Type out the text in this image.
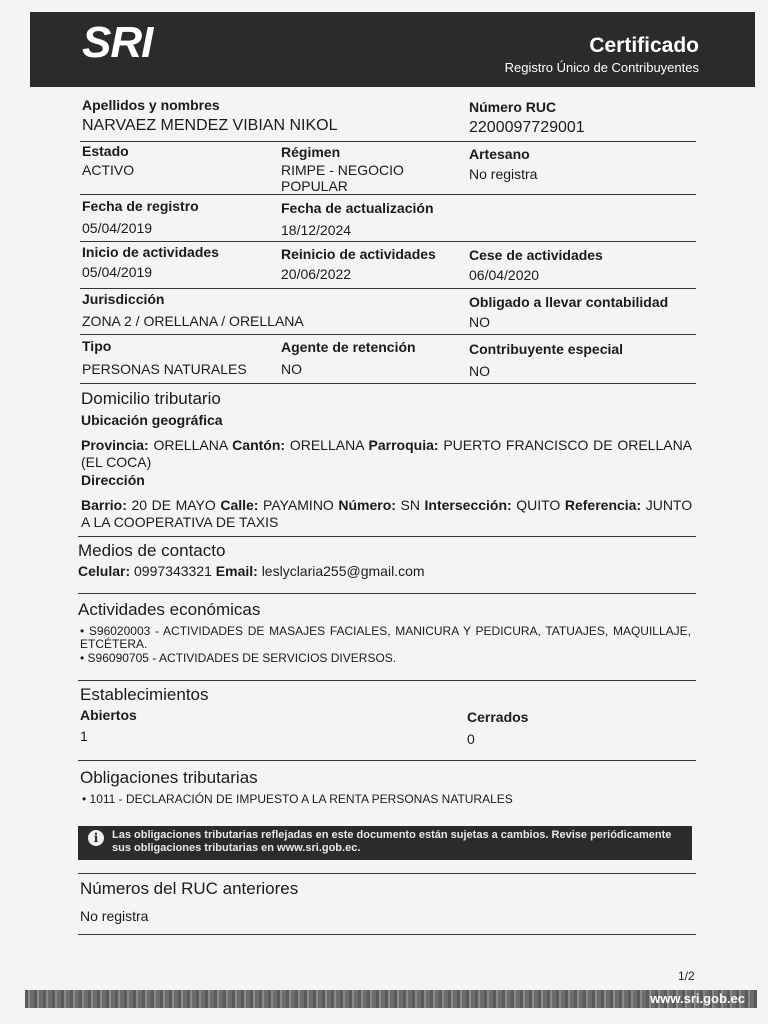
SRI	Certificado
Registro Único de Contribuyentes
Apellidos y nombres
NARVAEZ MENDEZ VIBIAN NIKOL
Número RUC
2200097729001
Estado
ACTIVO
Régimen
RIMPE - NEGOCIO POPULAR
Artesano
No registra
Fecha de registro
05/04/2019
Fecha de actualización
18/12/2024
Inicio de actividades
05/04/2019
Reinicio de actividades
20/06/2022
Cese de actividades
06/04/2020
Jurisdicción
ZONA 2 / ORELLANA / ORELLANA
Obligado a llevar contabilidad
NO
Tipo
PERSONAS NATURALES
Agente de retención
NO
Contribuyente especial
NO
Domicilio tributario
Ubicación geográfica
Provincia: ORELLANA Cantón: ORELLANA Parroquia: PUERTO FRANCISCO DE ORELLANA (EL COCA)
Dirección
Barrio: 20 DE MAYO Calle: PAYAMINO Número: SN Intersección: QUITO Referencia: JUNTO A LA COOPERATIVA DE TAXIS
Medios de contacto
Celular: 0997343321 Email: leslyclaria255@gmail.com
Actividades económicas
• S96020003 - ACTIVIDADES DE MASAJES FACIALES, MANICURA Y PEDICURA, TATUAJES, MAQUILLAJE, ETCÉTERA.
• S96090705 - ACTIVIDADES DE SERVICIOS DIVERSOS.
Establecimientos
Abiertos
1
Cerrados
0
Obligaciones tributarias
• 1011 - DECLARACIÓN DE IMPUESTO A LA RENTA PERSONAS NATURALES
i	Las obligaciones tributarias reflejadas en este documento están sujetas a cambios. Revise periódicamente sus obligaciones tributarias en www.sri.gob.ec.
Números del RUC anteriores
No registra
1/2
www.sri.gob.ec
